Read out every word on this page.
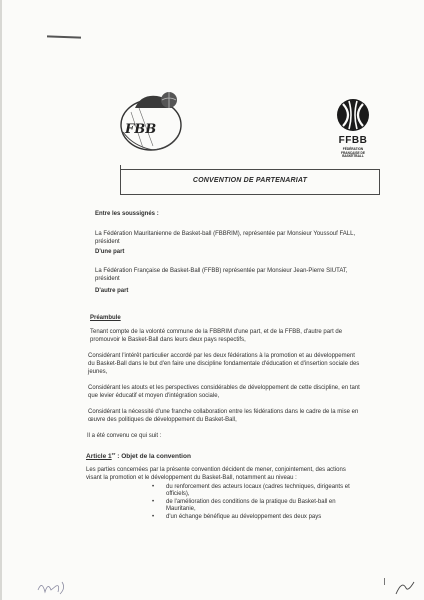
FBB
FFBB
FÉDÉRATION
FRANÇAISE DE
BASKETBALL
CONVENTION DE PARTENARIAT
Entre les soussignés :
La Fédération Mauritanienne de Basket-ball (FBBRIM), représentée par Monsieur Youssouf FALL,
président
D'une part
La Fédération Française de Basket-Ball (FFBB) représentée par Monsieur Jean-Pierre SIUTAT,
président
D'autre part
Préambule
Tenant compte de la volonté commune de la FBBRIM d'une part, et de la FFBB, d'autre part de
promouvoir le Basket-Ball dans leurs deux pays respectifs,
Considérant l'intérêt particulier accordé par les deux fédérations à la promotion et au développement
du Basket-Ball dans le but d'en faire une discipline fondamentale d'éducation et d'insertion sociale des
jeunes,
Considérant les atouts et les perspectives considérables de développement de cette discipline, en tant
que levier éducatif et moyen d'intégration sociale,
Considérant la nécessité d'une franche collaboration entre les fédérations dans le cadre de la mise en
œuvre des politiques de développement du Basket-Ball,
Il a été convenu ce qui suit :
Article 1er : Objet de la convention
Les parties concernées par la présente convention décident de mener, conjointement, des actions
visant la promotion et le développement du Basket-Ball, notamment au niveau :
• du renforcement des acteurs locaux (cadres techniques, dirigeants et
officiels),
• de l'amélioration des conditions de la pratique du Basket-ball en
Mauritanie,
• d'un échange bénéfique au développement des deux pays
